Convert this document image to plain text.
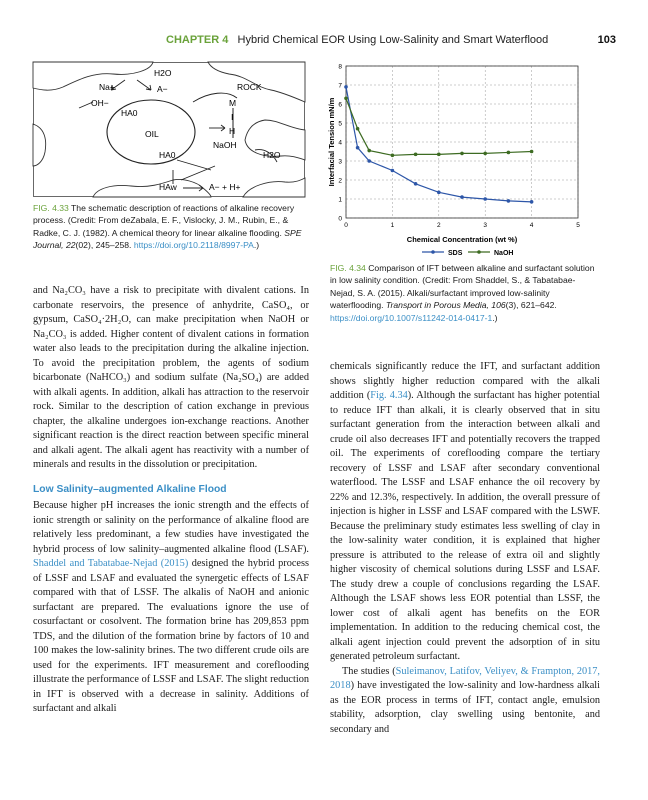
CHAPTER 4 Hybrid Chemical EOR Using Low-Salinity and Smart Waterflood	103
H2O
Na+	A−
OH−
ROCK
HA0
M
I
H
OIL
NaOH
HA0	H2O
HAw	A− + H+
FIG. 4.33 The schematic description of reactions of alkaline recovery process. (Credit: From deZabala, E. F., Vislocky, J. M., Rubin, E., & Radke, C. J. (1982). A chemical theory for linear alkaline flooding. SPE Journal, 22(02), 245–258. https://doi.org/10.2118/8997-PA.)
0
1
2
3
4
5
6
7
8
0	1	2	3	4	5
Interfacial Tension mN/m
Chemical Concentration (wt %)
SDS	NaOH
FIG. 4.34 Comparison of IFT between alkaline and surfactant solution in low salinity condition. (Credit: From Shaddel, S., & Tabatabae-Nejad, S. A. (2015). Alkali/surfactant improved low-salinity waterflooding. Transport in Porous Media, 106(3), 621–642. https://doi.org/10.1007/s11242-014-0417-1.)

and Na₂CO₃ have a risk to precipitate with divalent cations. In carbonate reservoirs, the presence of anhydrite, CaSO₄, or gypsum, CaSO₄·2H₂O, can make precipitation when NaOH or Na₂CO₃ is added. Higher content of divalent cations in formation water also leads to the precipitation during the alkaline injection. To avoid the precipitation problem, the agents of sodium bicarbonate (NaHCO₃) and sodium sulfate (Na₂SO₄) are added with alkali agents. In addition, alkali has attraction to the reservoir rock. Similar to the description of cation exchange in previous chapter, the alkaline undergoes ion-exchange reactions. Another significant reaction is the direct reaction between specific mineral and alkali agent. The alkali agent has reactivity with a number of minerals and results in the dissolution or precipitation.

Low Salinity–augmented Alkaline Flood

Because higher pH increases the ionic strength and the effects of ionic strength or salinity on the performance of alkaline flood are relatively less predominant, a few studies have investigated the hybrid process of low salinity–augmented alkaline flood (LSAF). Shaddel and Tabatabae-Nejad (2015) designed the hybrid process of LSSF and LSAF and evaluated the synergetic effects of LSAF compared with that of LSSF. The alkalis of NaOH and anionic surfactant are prepared. The evaluations ignore the use of cosurfactant or cosolvent. The formation brine has 209,853 ppm TDS, and the dilution of the formation brine by factors of 10 and 100 makes the low-salinity brines. The two different crude oils are used for the experiments. IFT measurement and coreflooding illustrate the performance of LSSF and LSAF. The slight reduction in IFT is observed with a decrease in salinity. Additions of surfactant and alkali

chemicals significantly reduce the IFT, and surfactant addition shows slightly higher reduction compared with the alkali addition (Fig. 4.34). Although the surfactant has higher potential to reduce IFT than alkali, it is clearly observed that in situ surfactant generation from the interaction between alkali and crude oil also decreases IFT and potentially recovers the trapped oil. The experiments of coreflooding compare the tertiary recovery of LSSF and LSAF after secondary conventional waterflood. The LSSF and LSAF enhance the oil recovery by 22% and 12.3%, respectively. In addition, the overall pressure of injection is higher in LSSF and LSAF compared with the LSWF. Because the preliminary study estimates less swelling of clay in the low-salinity water condition, it is explained that higher pressure is attributed to the release of extra oil and slightly higher viscosity of chemical solutions during LSSF and LSAF. The study drew a couple of conclusions regarding the LSAF. Although the LSAF shows less EOR potential than LSSF, the lower cost of alkali agent has benefits on the EOR implementation. In addition to the reducing chemical cost, the alkali agent injection could prevent the adsorption of in situ generated petroleum surfactant.

The studies (Suleimanov, Latifov, Veliyev, & Frampton, 2017, 2018) have investigated the low-salinity and low-hardness alkali as the EOR process in terms of IFT, contact angle, emulsion stability, adsorption, clay swelling using bentonite, and secondary and
